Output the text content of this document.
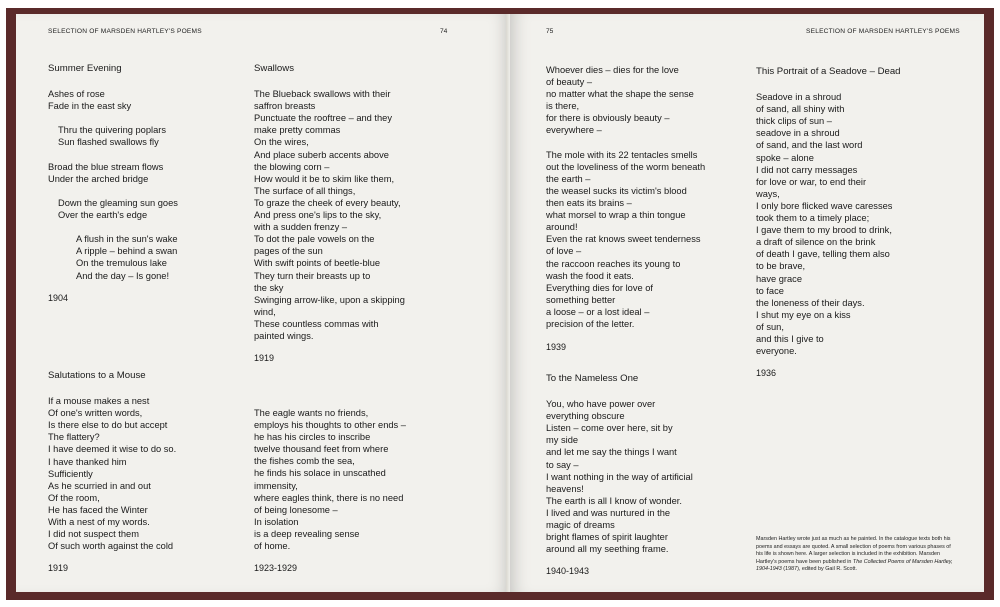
SELECTION OF MARSDEN HARTLEY'S POEMS	74
Summer Evening
Ashes of rose
Fade in the east sky
Thru the quivering poplars
Sun flashed swallows fly
Broad the blue stream flows
Under the arched bridge
Down the gleaming sun goes
Over the earth's edge
A flush in the sun's wake
A ripple – behind a swan
On the tremulous lake
And the day – Is gone!
1904
Salutations to a Mouse
If a mouse makes a nest
Of one's written words,
Is there else to do but accept
The flattery?
I have deemed it wise to do so.
I have thanked him
Sufficiently
As he scurried in and out
Of the room,
He has faced the Winter
With a nest of my words.
I did not suspect them
Of such worth against the cold
1919
Swallows
The Blueback swallows with their
saffron breasts
Punctuate the rooftree – and they
make pretty commas
On the wires,
And place suberb accents above
the blowing corn –
How would it be to skim like them,
The surface of all things,
To graze the cheek of every beauty,
And press one's lips to the sky,
with a sudden frenzy –
To dot the pale vowels on the
pages of the sun
With swift points of beetle-blue
They turn their breasts up to
the sky
Swinging arrow-like, upon a skipping
wind,
These countless commas with
painted wings.
1919
The eagle wants no friends,
employs his thoughts to other ends –
he has his circles to inscribe
twelve thousand feet from where
the fishes comb the sea,
he finds his solace in unscathed
immensity,
where eagles think, there is no need
of being lonesome –
In isolation
is a deep revealing sense
of home.
1923-1929
75	SELECTION OF MARSDEN HARTLEY'S POEMS
Whoever dies – dies for the love
of beauty –
no matter what the shape the sense
is there,
for there is obviously beauty –
everywhere –
The mole with its 22 tentacles smells
out the loveliness of the worm beneath
the earth –
the weasel sucks its victim's blood
then eats its brains –
what morsel to wrap a thin tongue
around!
Even the rat knows sweet tenderness
of love –
the raccoon reaches its young to
wash the food it eats.
Everything dies for love of
something better
a loose – or a lost ideal –
precision of the letter.
1939
To the Nameless One
You, who have power over
everything obscure
Listen – come over here, sit by
my side
and let me say the things I want
to say –
I want nothing in the way of artificial
heavens!
The earth is all I know of wonder.
I lived and was nurtured in the
magic of dreams
bright flames of spirit laughter
around all my seething frame.
1940-1943
This Portrait of a Seadove – Dead
Seadove in a shroud
of sand, all shiny with
thick clips of sun –
seadove in a shroud
of sand, and the last word
spoke – alone
I did not carry messages
for love or war, to end their
ways,
I only bore flicked wave caresses
took them to a timely place;
I gave them to my brood to drink,
a draft of silence on the brink
of death I gave, telling them also
to be brave,
have grace
to face
the loneness of their days.
I shut my eye on a kiss
of sun,
and this I give to
everyone.
1936
Marsden Hartley wrote just as much as he painted. In the catalogue texts both his poems and essays are quoted. A small selection of poems from various phases of his life is shown here. A larger selection is included in the exhibition. Marsden Hartley's poems have been published in The Collected Poems of Marsden Hartley, 1904-1943 (1987), edited by Gail R. Scott.
